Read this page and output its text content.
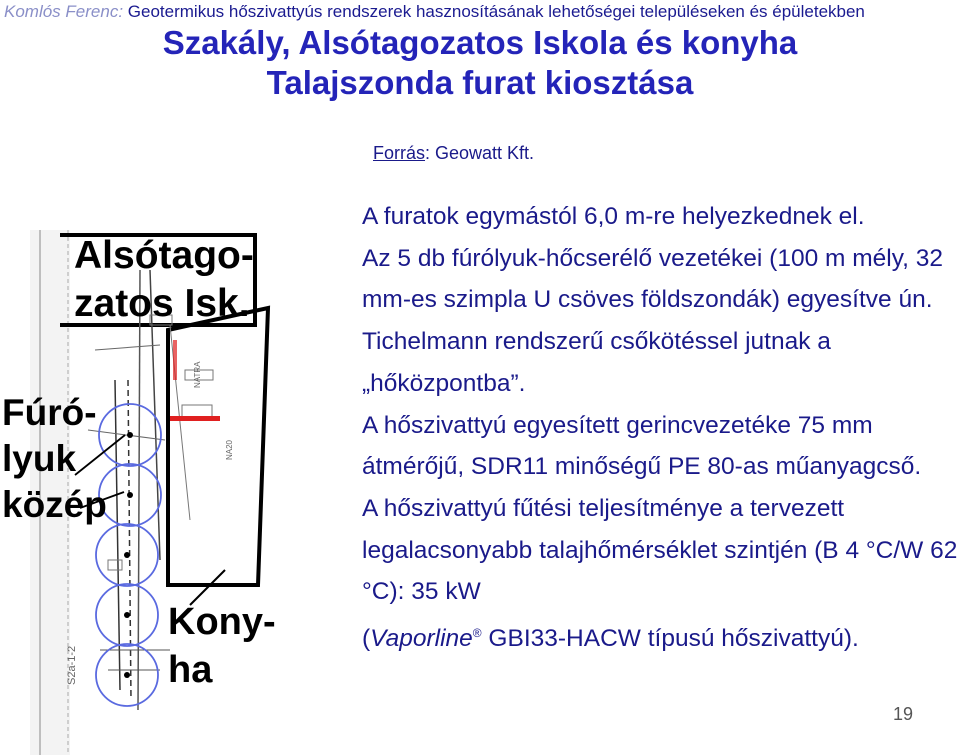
Komlós Ferenc: Geotermikus hőszivattyús rendszerek hasznosításának lehetőségei településeken és épületekben
Szakály, Alsótagozatos Iskola és konyha
Talajszonda furat kiosztása
Forrás: Geowatt Kft.
S2a-1-2
NATRA
NA20
Alsótago-
zatos Isk.
Fúró-
lyuk
közép
Kony-
ha

A furatok egymástól 6,0 m-re helyezkednek el.

Az 5 db fúrólyuk-hőcserélő vezetékei (100 m mély, 32 mm-es szimpla U csöves földszondák) egyesítve ún. Tichelmann rendszerű csőkötéssel jutnak a „hőközpontba”.

A hőszivattyú egyesített gerincvezetéke 75 mm átmérőjű, SDR11 minőségű PE 80-as műanyagcső.

A hőszivattyú fűtési teljesítménye a tervezett legalacsonyabb talajhőmérséklet szintjén (B 4 °C/W 62 °C): 35 kW

(Vaporline® GBI33-HACW típusú hőszivattyú).

19
